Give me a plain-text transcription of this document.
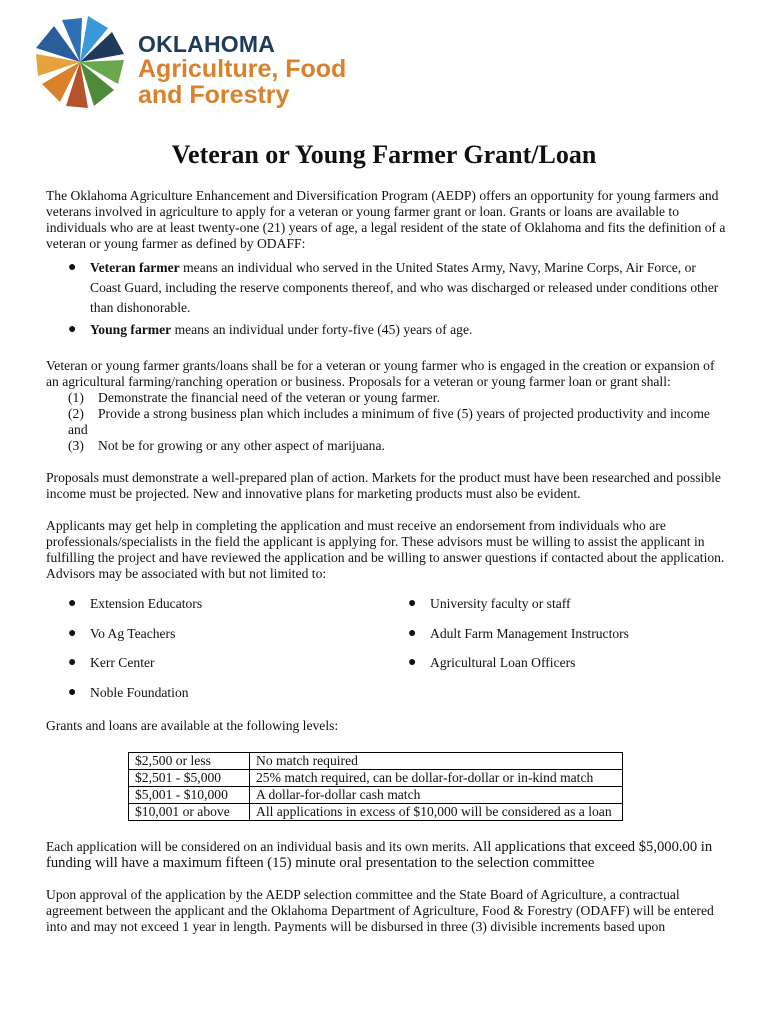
OKLAHOMA
Agriculture, Food
and Forestry
Veteran or Young Farmer Grant/Loan

The Oklahoma Agriculture Enhancement and Diversification Program (AEDP) offers an opportunity for young farmers and veterans involved in agriculture to apply for a veteran or young farmer grant or loan. Grants or loans are available to individuals who are at least twenty-one (21) years of age, a legal resident of the state of Oklahoma and fits the definition of a veteran or young farmer as defined by ODAFF:

● Veteran farmer means an individual who served in the United States Army, Navy, Marine Corps, Air Force, or Coast Guard, including the reserve components thereof, and who was discharged or released under conditions other than dishonorable.
● Young farmer means an individual under forty-five (45) years of age.

Veteran or young farmer grants/loans shall be for a veteran or young farmer who is engaged in the creation or expansion of an agricultural farming/ranching operation or business. Proposals for a veteran or young farmer loan or grant shall:

(1) Demonstrate the financial need of the veteran or young farmer.
(2) Provide a strong business plan which includes a minimum of five (5) years of projected productivity and income and
(3) Not be for growing or any other aspect of marijuana.

Proposals must demonstrate a well-prepared plan of action. Markets for the product must have been researched and possible income must be projected. New and innovative plans for marketing products must also be evident.

Applicants may get help in completing the application and must receive an endorsement from individuals who are professionals/specialists in the field the applicant is applying for. These advisors must be willing to assist the applicant in fulfilling the project and have reviewed the application and be willing to answer questions if contacted about the application. Advisors may be associated with but not limited to:

● Extension Educators
● Vo Ag Teachers
● Kerr Center
● Noble Foundation
● University faculty or staff
● Adult Farm Management Instructors
● Agricultural Loan Officers

Grants and loans are available at the following levels:

$2,500 or less	No match required
$2,501 - $5,000	25% match required, can be dollar-for-dollar or in-kind match
$5,001 - $10,000	A dollar-for-dollar cash match
$10,001 or above	All applications in excess of $10,000 will be considered as a loan

Each application will be considered on an individual basis and its own merits. All applications that exceed $5,000.00 in funding will have a maximum fifteen (15) minute oral presentation to the selection committee

Upon approval of the application by the AEDP selection committee and the State Board of Agriculture, a contractual agreement between the applicant and the Oklahoma Department of Agriculture, Food & Forestry (ODAFF) will be entered into and may not exceed 1 year in length. Payments will be disbursed in three (3) divisible increments based upon
